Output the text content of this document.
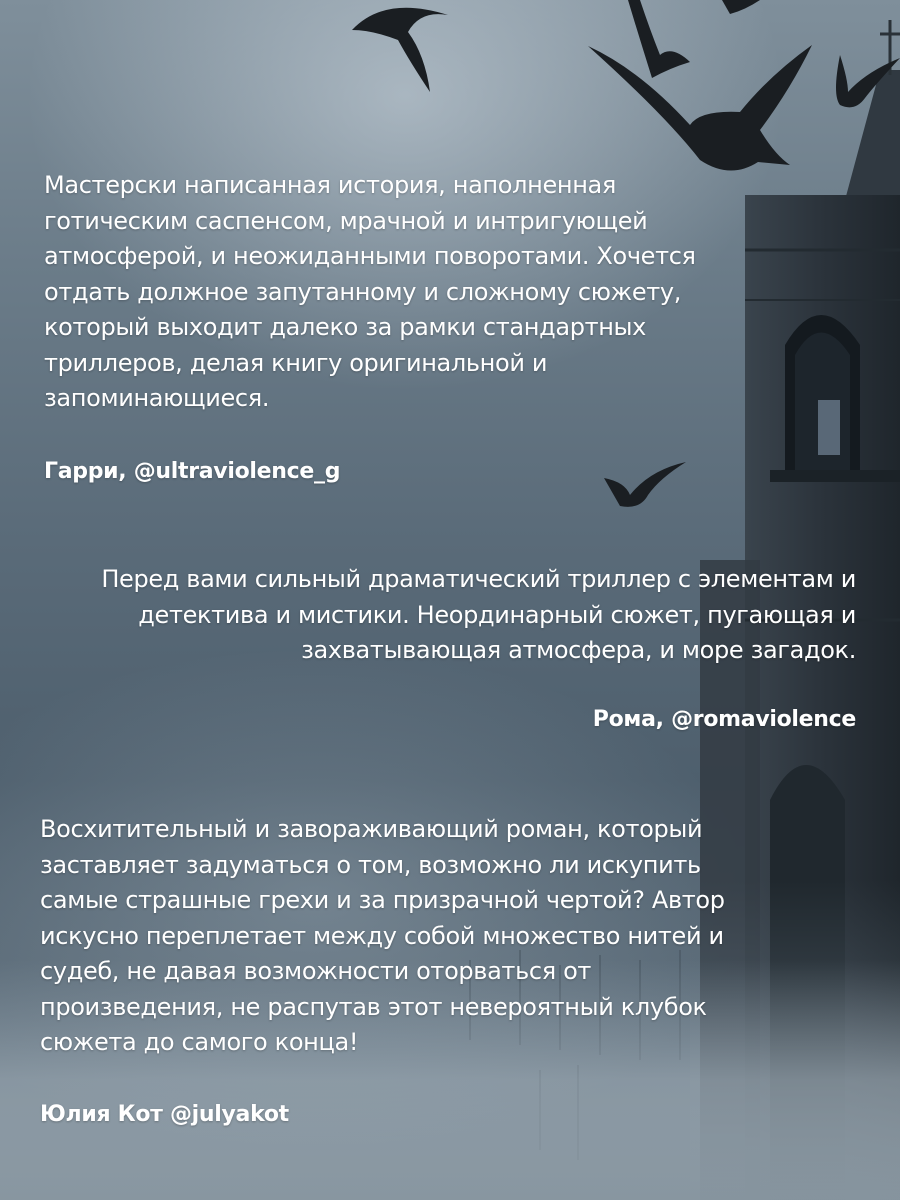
Мастерски написанная история, наполненная готическим саспенсом, мрачной и интригующей атмосферой, и неожиданными поворотами. Хочется отдать должное запутанному и сложному сюжету, который выходит далеко за рамки стандартных триллеров, делая книгу оригинальной и запоминающиеся.

Гарри, @ultraviolence_g

Перед вами сильный драматический триллер с элементам и детектива и мистики. Неординарный сюжет, пугающая и захватывающая атмосфера, и море загадок.

Рома, @romaviolence

Восхитительный и завораживающий роман, который заставляет задуматься о том, возможно ли искупить самые страшные грехи и за призрачной чертой? Автор искусно переплетает между собой множество нитей и судеб, не давая возможности оторваться от произведения, не распутав этот невероятный клубок сюжета до самого конца!

Юлия Кот @julyakot
